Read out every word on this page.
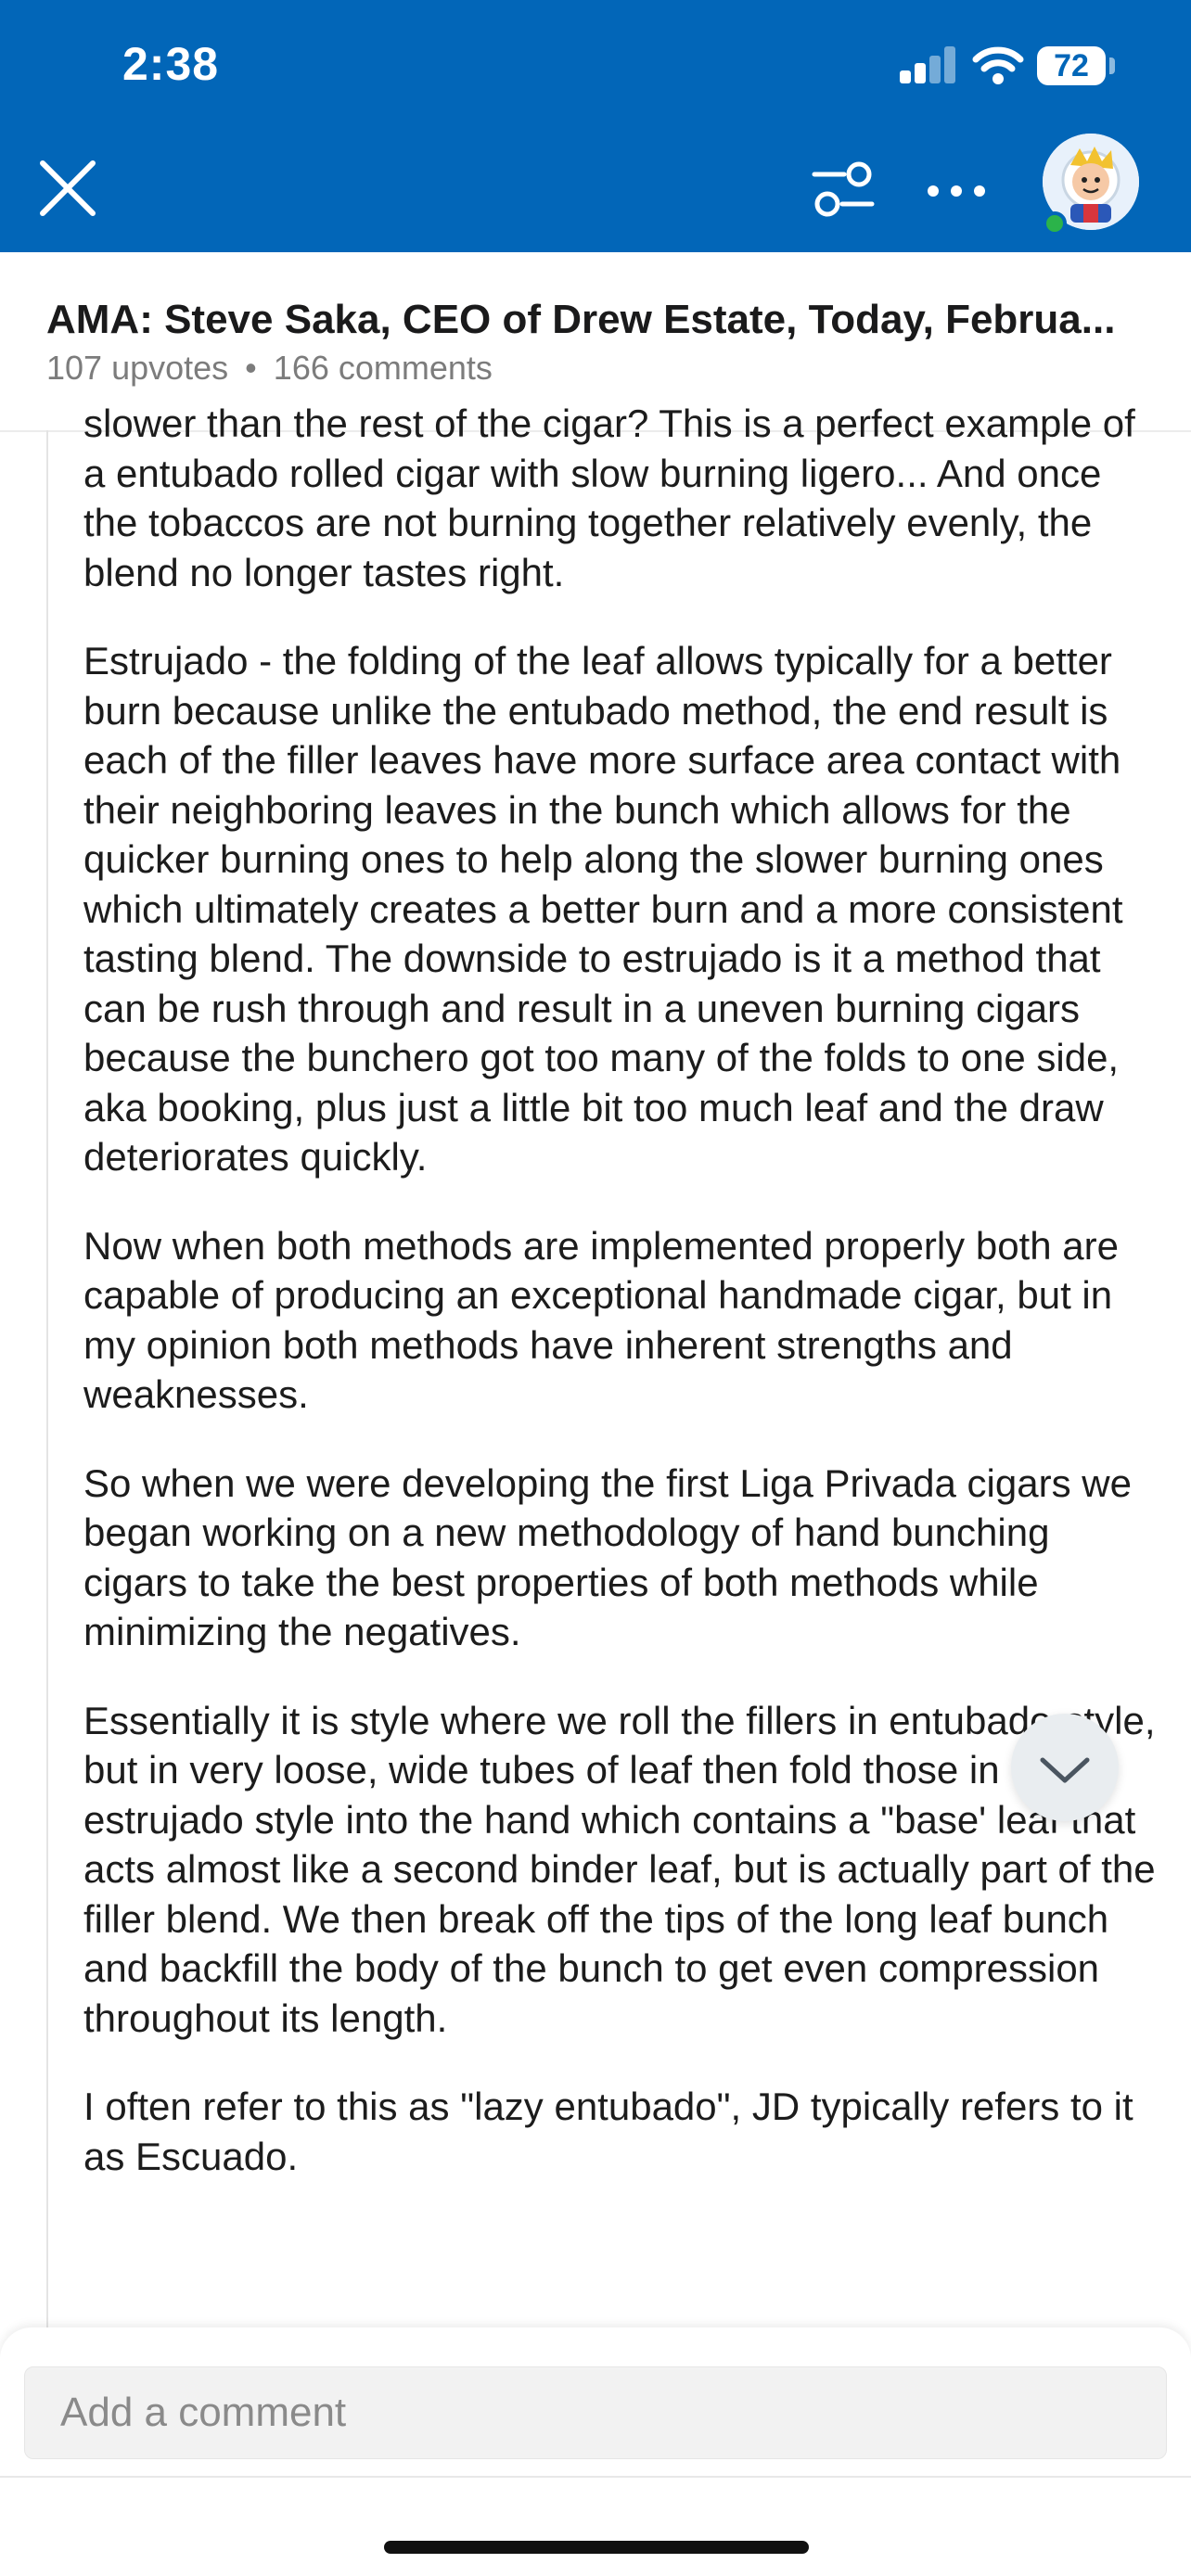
2:38	72
AMA: Steve Saka, CEO of Drew Estate, Today, Februa...
107 upvotes • 166 comments

slower than the rest of the cigar? This is a perfect example of a entubado rolled cigar with slow burning ligero... And once the tobaccos are not burning together relatively evenly, the blend no longer tastes right.

Estrujado - the folding of the leaf allows typically for a better burn because unlike the entubado method, the end result is each of the filler leaves have more surface area contact with their neighboring leaves in the bunch which allows for the quicker burning ones to help along the slower burning ones which ultimately creates a better burn and a more consistent tasting blend. The downside to estrujado is it a method that can be rush through and result in a uneven burning cigars because the bunchero got too many of the folds to one side, aka booking, plus just a little bit too much leaf and the draw deteriorates quickly.

Now when both methods are implemented properly both are capable of producing an exceptional handmade cigar, but in my opinion both methods have inherent strengths and weaknesses.

So when we were developing the first Liga Privada cigars we began working on a new methodology of hand bunching cigars to take the best properties of both methods while minimizing the negatives.

Essentially it is style where we roll the fillers in entubado-style, but in very loose, wide tubes of leaf then fold those in estrujado style into the hand which contains a "base' leaf that acts almost like a second binder leaf, but is actually part of the filler blend. We then break off the tips of the long leaf bunch and backfill the body of the bunch to get even compression throughout its length.

I often refer to this as "lazy entubado", JD typically refers to it as Escuado.

Add a comment
